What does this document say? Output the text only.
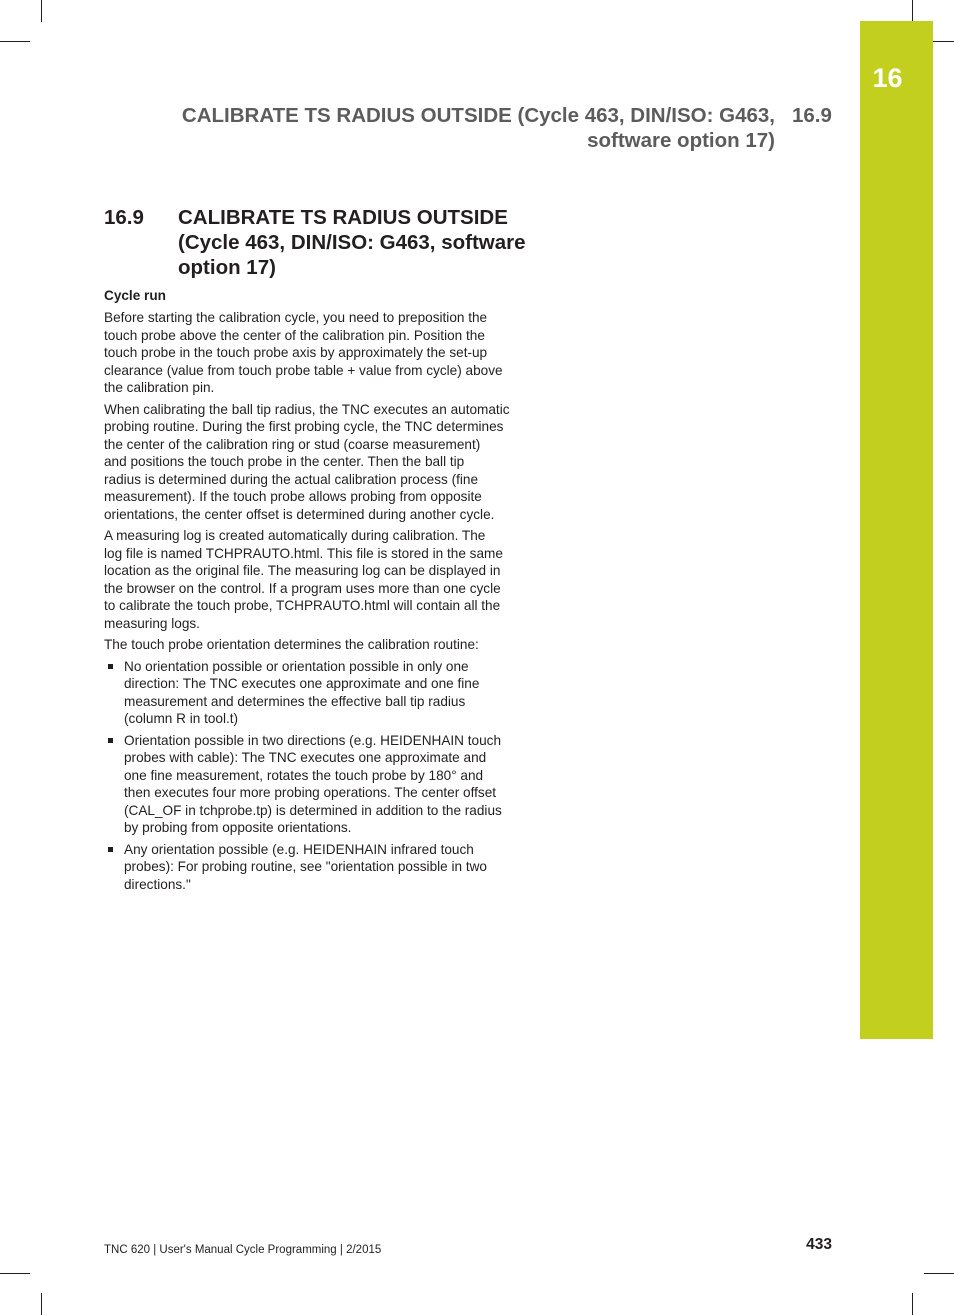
16
CALIBRATE TS RADIUS OUTSIDE (Cycle 463, DIN/ISO: G463,
software option 17)
16.9
16.9 CALIBRATE TS RADIUS OUTSIDE
(Cycle 463, DIN/ISO: G463, software
option 17)
Cycle run

Before starting the calibration cycle, you need to preposition the
touch probe above the center of the calibration pin. Position the
touch probe in the touch probe axis by approximately the set-up
clearance (value from touch probe table + value from cycle) above
the calibration pin.

When calibrating the ball tip radius, the TNC executes an automatic
probing routine. During the first probing cycle, the TNC determines
the center of the calibration ring or stud (coarse measurement)
and positions the touch probe in the center. Then the ball tip
radius is determined during the actual calibration process (fine
measurement). If the touch probe allows probing from opposite
orientations, the center offset is determined during another cycle.

A measuring log is created automatically during calibration. The
log file is named TCHPRAUTO.html. This file is stored in the same
location as the original file. The measuring log can be displayed in
the browser on the control. If a program uses more than one cycle
to calibrate the touch probe, TCHPRAUTO.html will contain all the
measuring logs.

The touch probe orientation determines the calibration routine:

No orientation possible or orientation possible in only one
direction: The TNC executes one approximate and one fine
measurement and determines the effective ball tip radius
(column R in tool.t)
Orientation possible in two directions (e.g. HEIDENHAIN touch
probes with cable): The TNC executes one approximate and
one fine measurement, rotates the touch probe by 180° and
then executes four more probing operations. The center offset
(CAL_OF in tchprobe.tp) is determined in addition to the radius
by probing from opposite orientations.
Any orientation possible (e.g. HEIDENHAIN infrared touch
probes): For probing routine, see "orientation possible in two
directions."
TNC 620 | User's Manual Cycle Programming | 2/2015	433
